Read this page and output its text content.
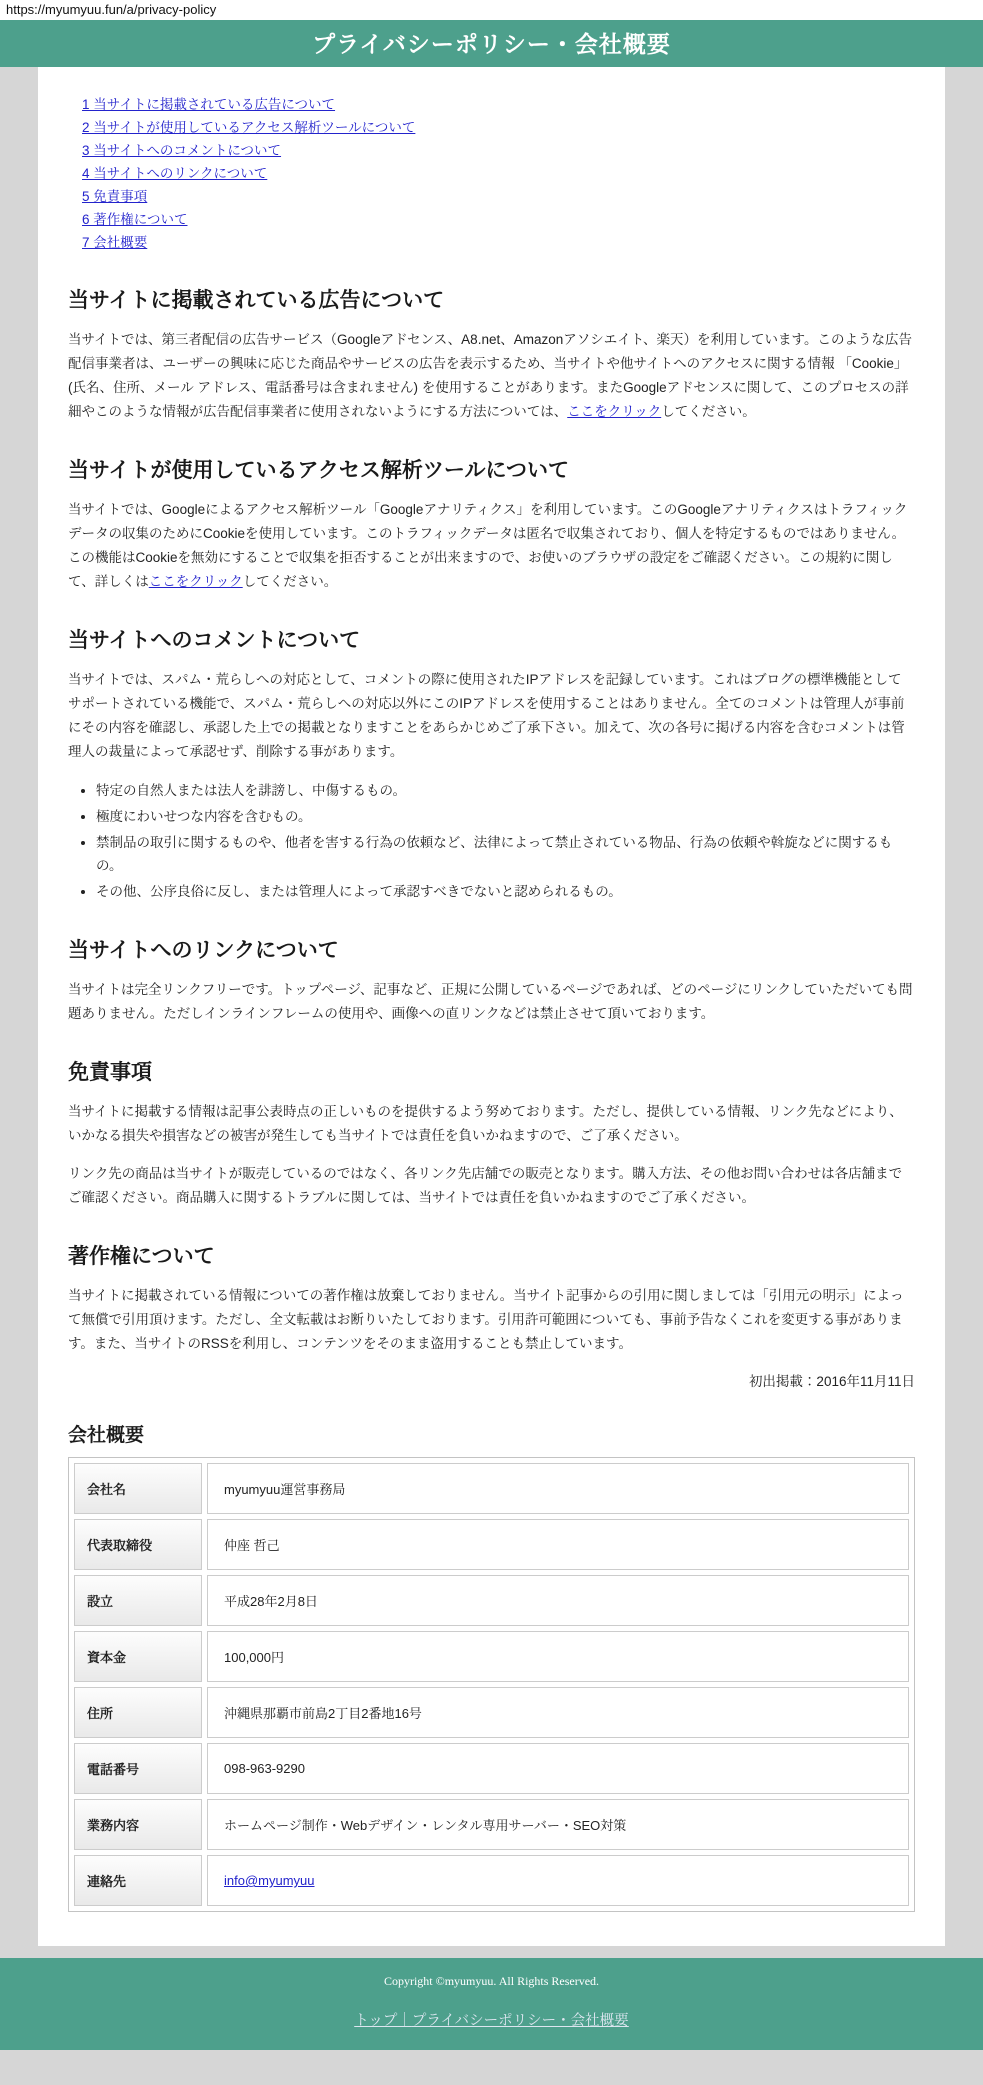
https://myumyuu.fun/a/privacy-policy
プライバシーポリシー・会社概要
1 当サイトに掲載されている広告について
2 当サイトが使用しているアクセス解析ツールについて
3 当サイトへのコメントについて
4 当サイトへのリンクについて
5 免責事項
6 著作権について
7 会社概要
当サイトに掲載されている広告について

当サイトでは、第三者配信の広告サービス（Googleアドセンス、A8.net、Amazonアソシエイト、楽天）を利用しています。このような広告配信事業者は、ユーザーの興味に応じた商品やサービスの広告を表示するため、当サイトや他サイトへのアクセスに関する情報 「Cookie」(氏名、住所、メール アドレス、電話番号は含まれません) を使用することがあります。またGoogleアドセンスに関して、このプロセスの詳細やこのような情報が広告配信事業者に使用されないようにする方法については、ここをクリックしてください。

当サイトが使用しているアクセス解析ツールについて

当サイトでは、Googleによるアクセス解析ツール「Googleアナリティクス」を利用しています。このGoogleアナリティクスはトラフィックデータの収集のためにCookieを使用しています。このトラフィックデータは匿名で収集されており、個人を特定するものではありません。この機能はCookieを無効にすることで収集を拒否することが出来ますので、お使いのブラウザの設定をご確認ください。この規約に関して、詳しくはここをクリックしてください。

当サイトへのコメントについて

当サイトでは、スパム・荒らしへの対応として、コメントの際に使用されたIPアドレスを記録しています。これはブログの標準機能としてサポートされている機能で、スパム・荒らしへの対応以外にこのIPアドレスを使用することはありません。全てのコメントは管理人が事前にその内容を確認し、承認した上での掲載となりますことをあらかじめご了承下さい。加えて、次の各号に掲げる内容を含むコメントは管理人の裁量によって承認せず、削除する事があります。

• 特定の自然人または法人を誹謗し、中傷するもの。
• 極度にわいせつな内容を含むもの。
• 禁制品の取引に関するものや、他者を害する行為の依頼など、法律によって禁止されている物品、行為の依頼や斡旋などに関するもの。
• その他、公序良俗に反し、または管理人によって承認すべきでないと認められるもの。
当サイトへのリンクについて

当サイトは完全リンクフリーです。トップページ、記事など、正規に公開しているページであれば、どのページにリンクしていただいても問題ありません。ただしインラインフレームの使用や、画像への直リンクなどは禁止させて頂いております。

免責事項

当サイトに掲載する情報は記事公表時点の正しいものを提供するよう努めております。ただし、提供している情報、リンク先などにより、いかなる損失や損害などの被害が発生しても当サイトでは責任を負いかねますので、ご了承ください。

リンク先の商品は当サイトが販売しているのではなく、各リンク先店舗での販売となります。購入方法、その他お問い合わせは各店舗までご確認ください。商品購入に関するトラブルに関しては、当サイトでは責任を負いかねますのでご了承ください。

著作権について

当サイトに掲載されている情報についての著作権は放棄しておりません。当サイト記事からの引用に関しましては「引用元の明示」によって無償で引用頂けます。ただし、全文転載はお断りいたしております。引用許可範囲についても、事前予告なくこれを変更する事があります。また、当サイトのRSSを利用し、コンテンツをそのまま盗用することも禁止しています。

初出掲載：2016年11月11日

会社概要
会社名	myumyuu運営事務局
代表取締役	仲座 哲己
設立	平成28年2月8日
資本金	100,000円
住所	沖縄県那覇市前島2丁目2番地16号
電話番号	098-963-9290
業務内容	ホームページ制作・Webデザイン・レンタル専用サーバー・SEO対策
連絡先	info@myumyuu
Copyright ©myumyuu. All Rights Reserved.
トップ｜プライバシーポリシー・会社概要
